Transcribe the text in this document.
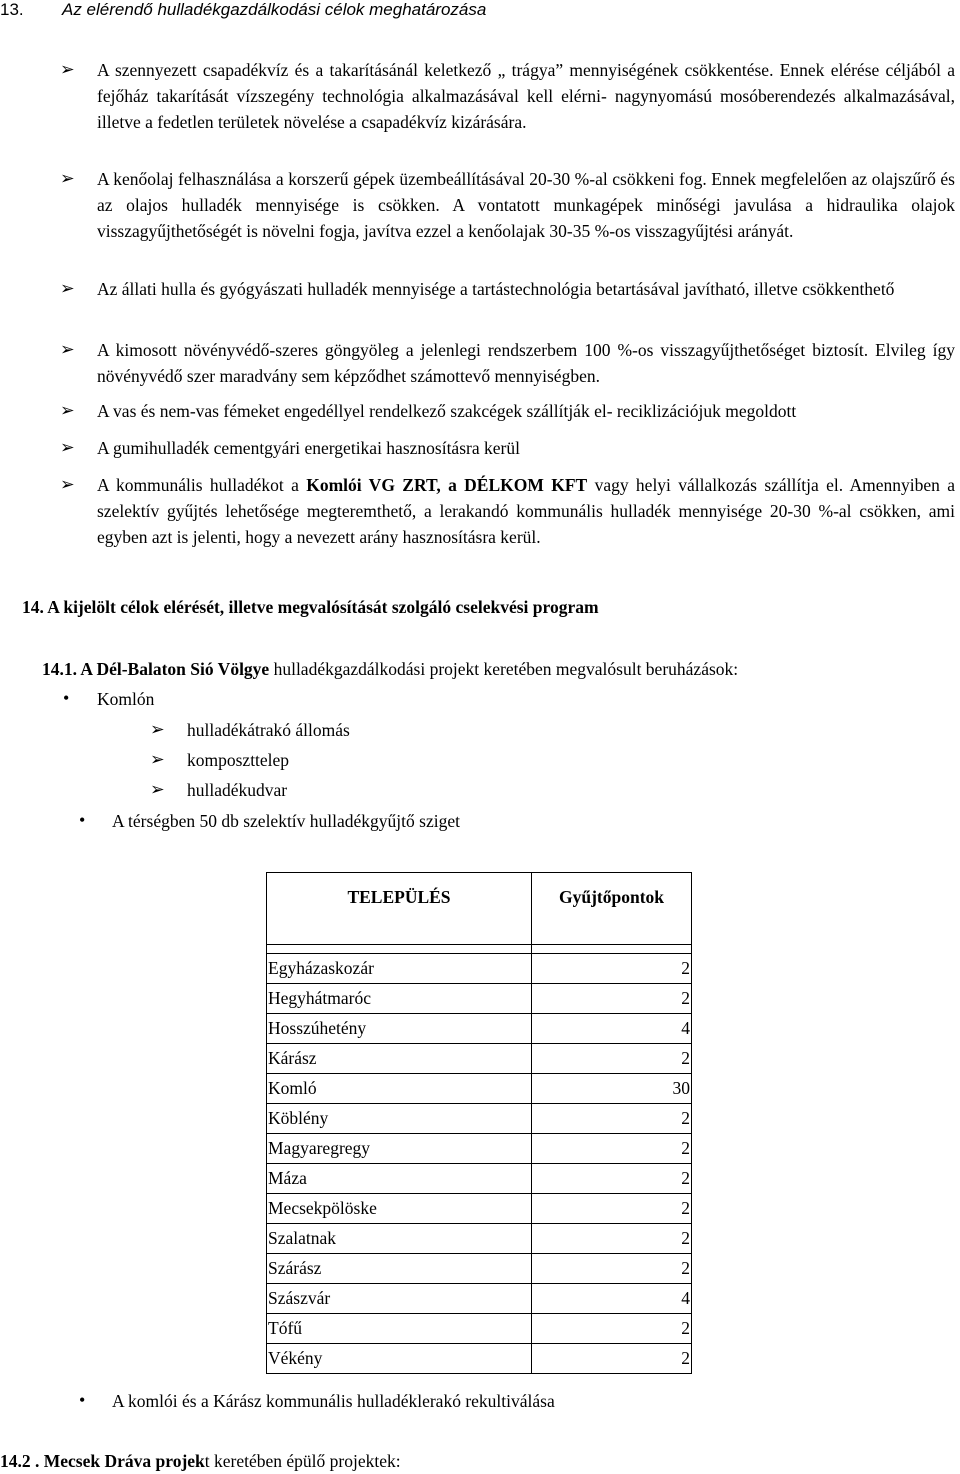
13. Az elérendő hulladékgazdálkodási célok meghatározása
➢ A szennyezett csapadékvíz és a takarításánál keletkező „ trágya” mennyiségének csökkentése. Ennek elérése céljából a fejőház takarítását vízszegény technológia alkalmazásával kell elérni- nagynyomású mosóberendezés alkalmazásával, illetve a fedetlen területek növelése a csapadékvíz kizárására.
➢ A kenőolaj felhasználása a korszerű gépek üzembeállításával 20-30 %-al csökkeni fog. Ennek megfelelően az olajszűrő és az olajos hulladék mennyisége is csökken. A vontatott munkagépek minőségi javulása a hidraulika olajok visszagyűjthetőségét is növelni fogja, javítva ezzel a kenőolajak 30-35 %-os visszagyűjtési arányát.
➢ Az állati hulla és gyógyászati hulladék mennyisége a tartástechnológia betartásával javítható, illetve csökkenthető
➢ A kimosott növényvédő-szeres göngyöleg a jelenlegi rendszerbem 100 %-os visszagyűjthetőséget biztosít. Elvileg így növényvédő szer maradvány sem képződhet számottevő mennyiségben.
➢ A vas és nem-vas fémeket engedéllyel rendelkező szakcégek szállítják el- reciklizációjuk megoldott
➢ A gumihulladék cementgyári energetikai hasznosításra kerül
➢ A kommunális hulladékot a Komlói VG ZRT, a DÉLKOM KFT vagy helyi vállalkozás szállítja el. Amennyiben a szelektív gyűjtés lehetősége megteremthető, a lerakandó kommunális hulladék mennyisége 20-30 %-al csökken, ami egyben azt is jelenti, hogy a nevezett arány hasznosításra kerül.
14. A kijelölt célok elérését, illetve megvalósítását szolgáló cselekvési program
14.1. A Dél-Balaton Sió Völgye hulladékgazdálkodási projekt keretében megvalósult beruházások:
• Komlón
➢ hulladékátrakó állomás
➢ komposzttelep
➢ hulladékudvar
• A térségben 50 db szelektív hulladékgyűjtő sziget
TELEPÜLÉS	Gyűjtőpontok

Egyházaskozár	2
Hegyhátmaróc	2
Hosszúhetény	4
Kárász	2
Komló	30
Köblény	2
Magyaregregy	2
Máza	2
Mecsekpölöske	2
Szalatnak	2
Szárász	2
Szászvár	4
Tófű	2
Vékény	2
• A komlói és a Kárász kommunális hulladéklerakó rekultiválása
14.2 . Mecsek Dráva projekt keretében épülő projektek:
